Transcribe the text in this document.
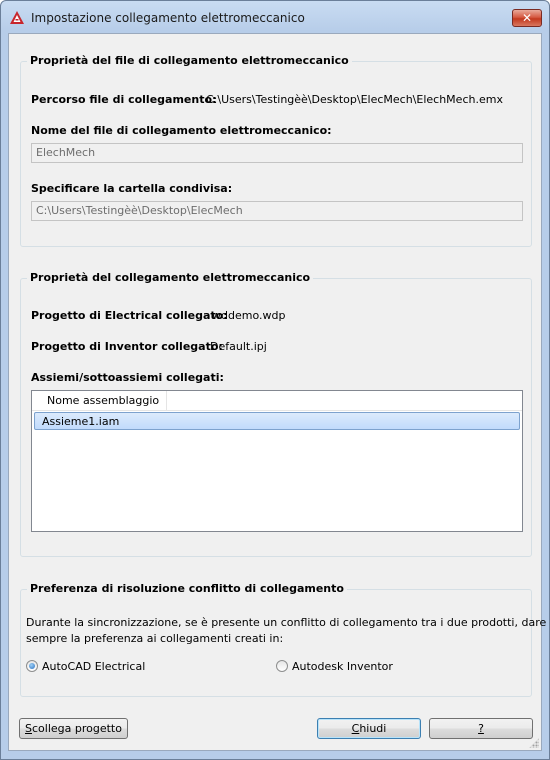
Impostazione collegamento elettromeccanico	✕
Proprietà del file di collegamento elettromeccanico
Percorso file di collegamento:
C:\Users\Testingèè\Desktop\ElecMech\ElechMech.emx
Nome del file di collegamento elettromeccanico:
ElechMech
Specificare la cartella condivisa:
C:\Users\Testingèè\Desktop\ElecMech
Proprietà del collegamento elettromeccanico
Progetto di Electrical collegato:
wddemo.wdp
Progetto di Inventor collegato:
Default.ipj
Assiemi/sottoassiemi collegati:
Nome assemblaggio
Assieme1.iam
Preferenza di risoluzione conflitto di collegamento
Durante la sincronizzazione, se è presente un conflitto di collegamento tra i due prodotti, dare
sempre la preferenza ai collegamenti creati in:
AutoCAD Electrical	Autodesk Inventor
Scollega progetto	Chiudi	?
